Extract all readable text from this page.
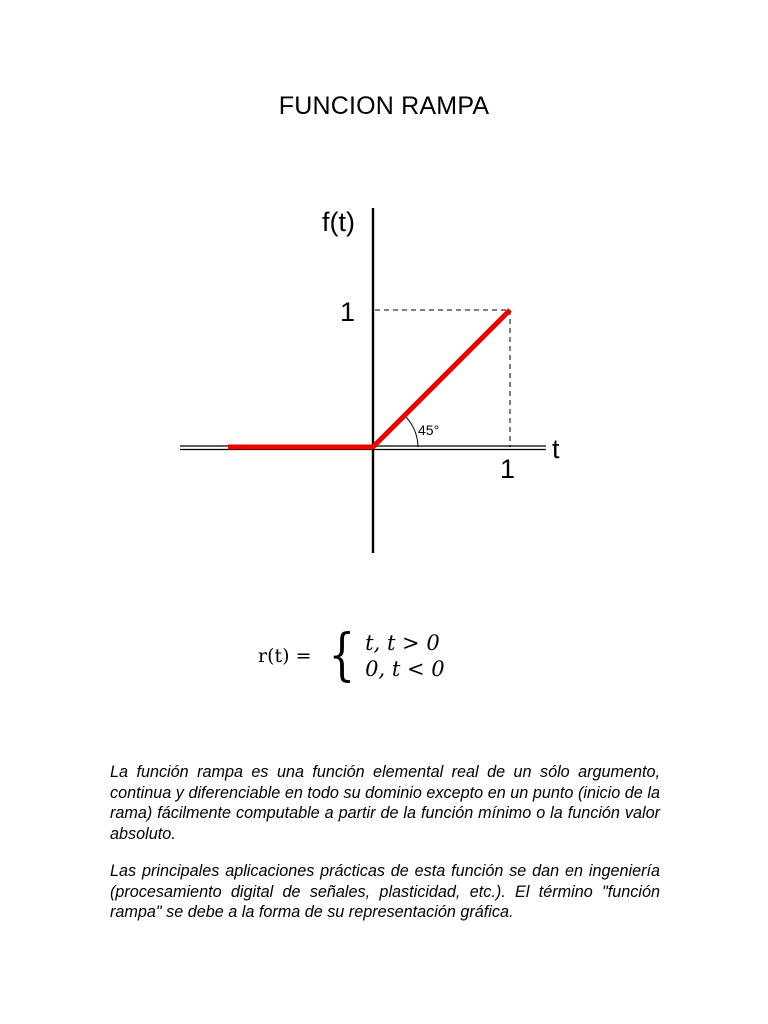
FUNCION RAMPA
f(t)
1
t
1
45°
r(t) = { t, t > 0
0, t < 0

La función rampa es una función elemental real de un sólo argumento, continua y diferenciable en todo su dominio excepto en un punto (inicio de la rama) fácilmente computable a partir de la función mínimo o la función valor absoluto.

Las principales aplicaciones prácticas de esta función se dan en ingeniería (procesamiento digital de señales, plasticidad, etc.). El término "función rampa" se debe a la forma de su representación gráfica.
